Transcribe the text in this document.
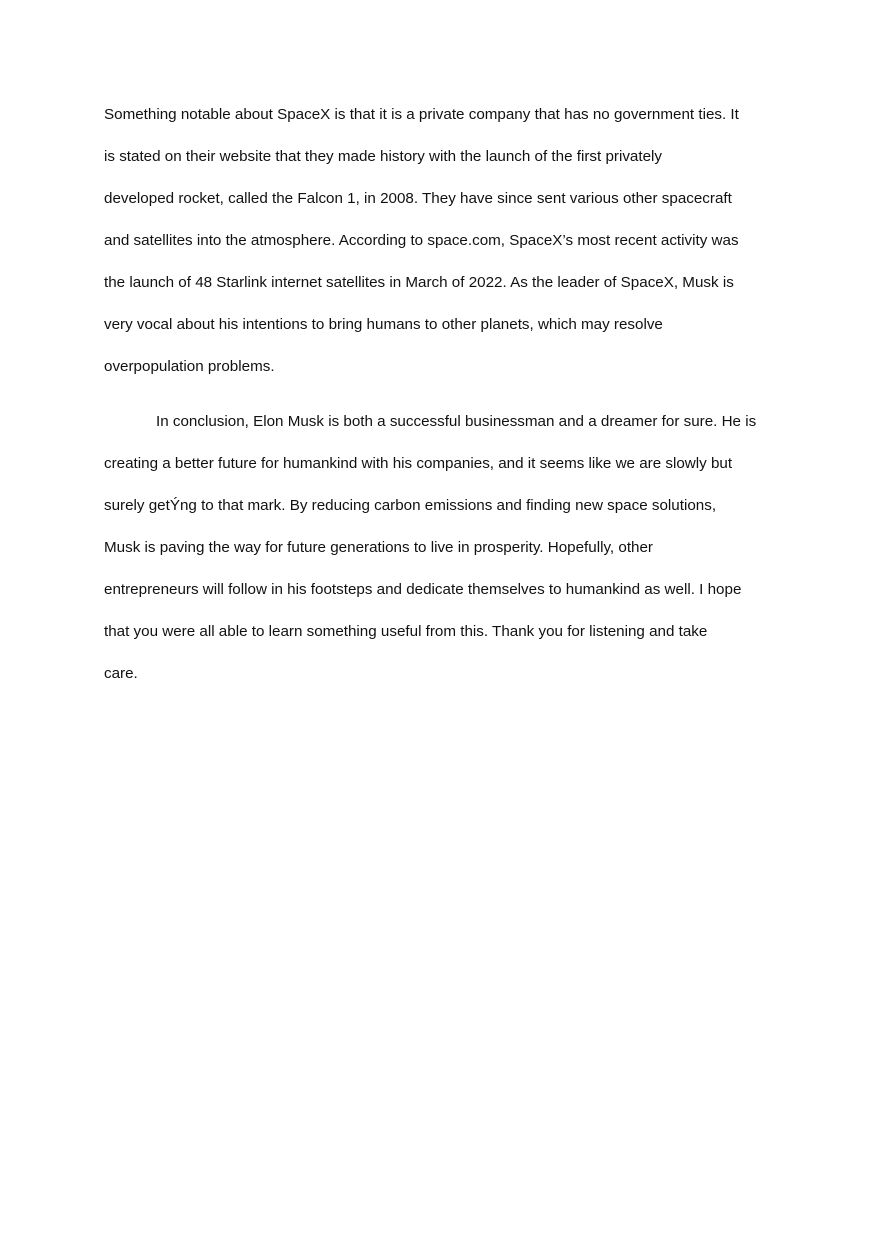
Something notable about SpaceX is that it is a private company that has no government ties. It
is stated on their website that they made history with the launch of the first privately
developed rocket, called the Falcon 1, in 2008. They have since sent various other spacecraft
and satellites into the atmosphere. According to space.com, SpaceX’s most recent activity was
the launch of 48 Starlink internet satellites in March of 2022. As the leader of SpaceX, Musk is
very vocal about his intentions to bring humans to other planets, which may resolve
overpopulation problems.
In conclusion, Elon Musk is both a successful businessman and a dreamer for sure. He is
creating a better future for humankind with his companies, and it seems like we are slowly but
surely getÝng to that mark. By reducing carbon emissions and finding new space solutions,
Musk is paving the way for future generations to live in prosperity. Hopefully, other
entrepreneurs will follow in his footsteps and dedicate themselves to humankind as well. I hope
that you were all able to learn something useful from this. Thank you for listening and take
care.
